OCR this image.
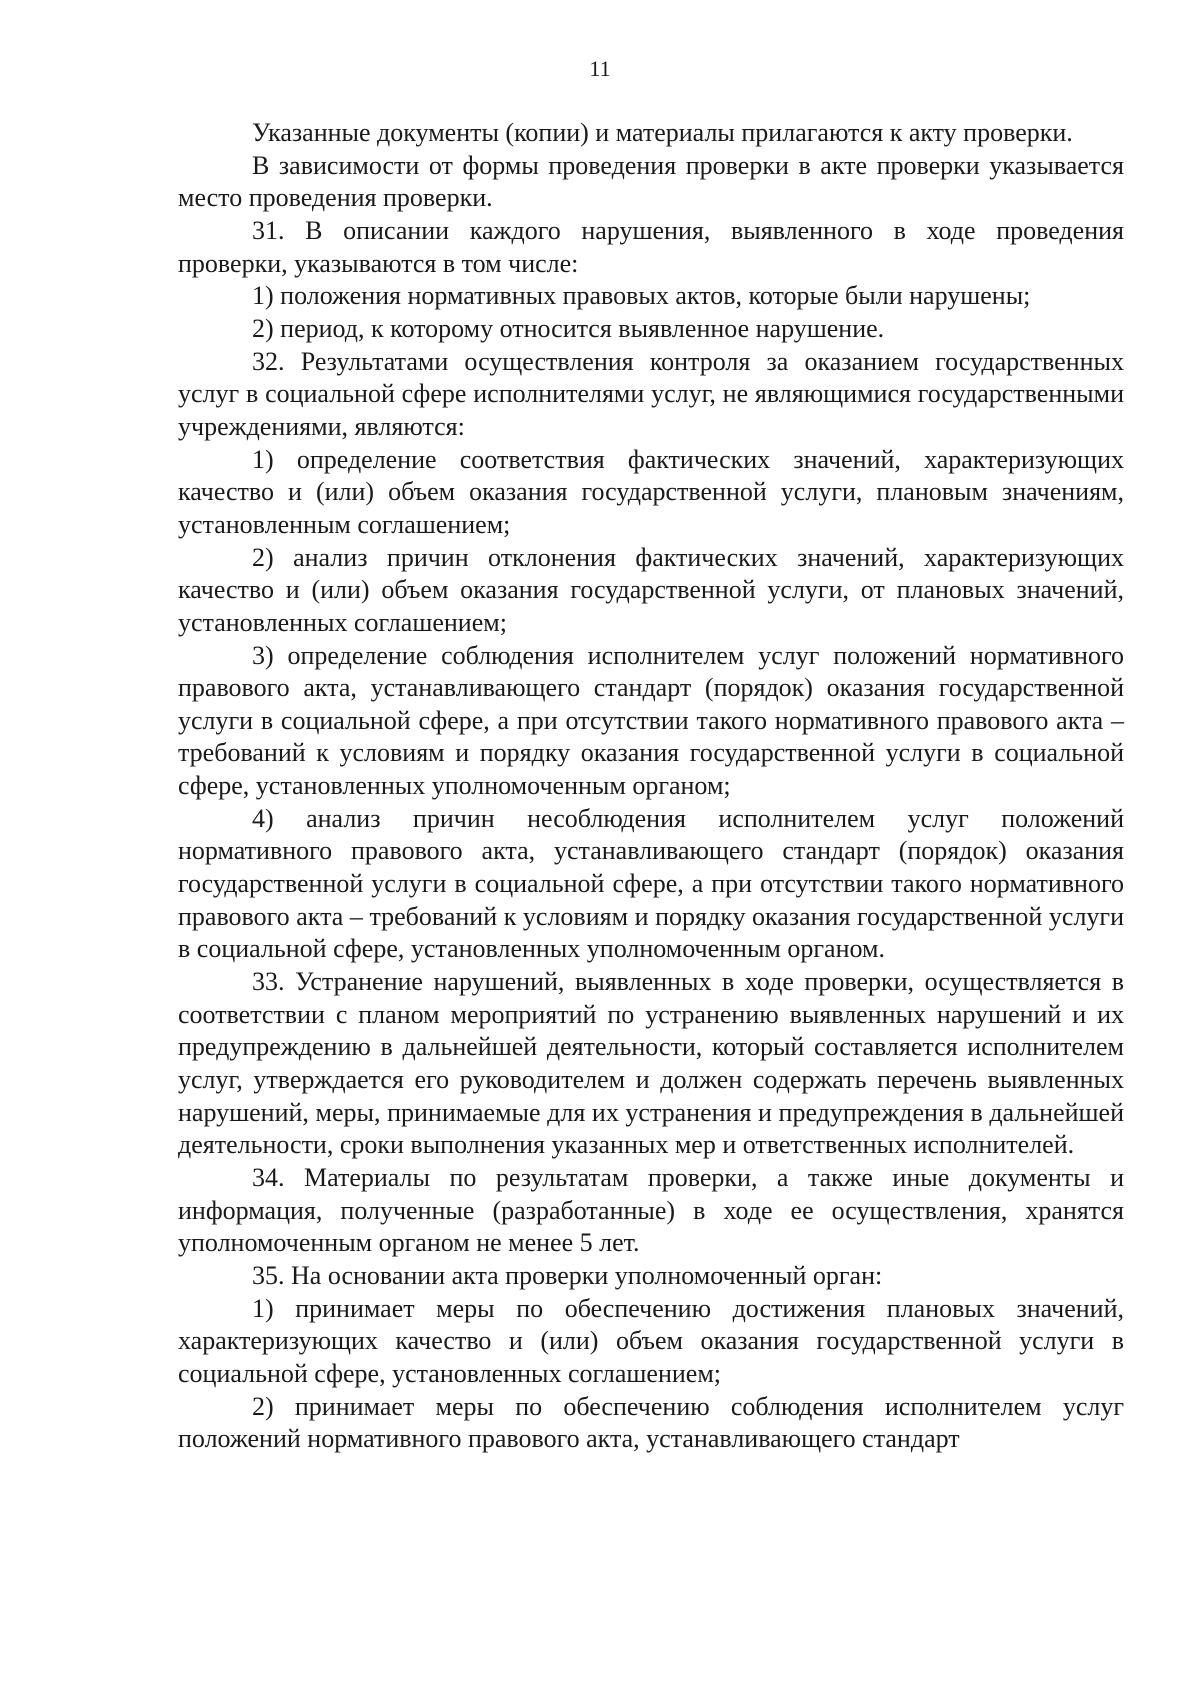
11

Указанные документы (копии) и материалы прилагаются к акту проверки.

В зависимости от формы проведения проверки в акте проверки указывается место проведения проверки.

31. В описании каждого нарушения, выявленного в ходе проведения проверки, указываются в том числе:

1) положения нормативных правовых актов, которые были нарушены;

2) период, к которому относится выявленное нарушение.

32. Результатами осуществления контроля за оказанием государственных услуг в социальной сфере исполнителями услуг, не являющимися государственными учреждениями, являются:

1) определение соответствия фактических значений, характеризующих качество и (или) объем оказания государственной услуги, плановым значениям, установленным соглашением;

2) анализ причин отклонения фактических значений, характеризующих качество и (или) объем оказания государственной услуги, от плановых значений, установленных соглашением;

3) определение соблюдения исполнителем услуг положений нормативного правового акта, устанавливающего стандарт (порядок) оказания государственной услуги в социальной сфере, а при отсутствии такого нормативного правового акта – требований к условиям и порядку оказания государственной услуги в социальной сфере, установленных уполномоченным органом;

4) анализ причин несоблюдения исполнителем услуг положений нормативного правового акта, устанавливающего стандарт (порядок) оказания государственной услуги в социальной сфере, а при отсутствии такого нормативного правового акта – требований к условиям и порядку оказания государственной услуги в социальной сфере, установленных уполномоченным органом.

33. Устранение нарушений, выявленных в ходе проверки, осуществляется в соответствии с планом мероприятий по устранению выявленных нарушений и их предупреждению в дальнейшей деятельности, который составляется исполнителем услуг, утверждается его руководителем и должен содержать перечень выявленных нарушений, меры, принимаемые для их устранения и предупреждения в дальнейшей деятельности, сроки выполнения указанных мер и ответственных исполнителей.

34. Материалы по результатам проверки, а также иные документы и информация, полученные (разработанные) в ходе ее осуществления, хранятся уполномоченным органом не менее 5 лет.

35. На основании акта проверки уполномоченный орган:

1) принимает меры по обеспечению достижения плановых значений, характеризующих качество и (или) объем оказания государственной услуги в социальной сфере, установленных соглашением;

2) принимает меры по обеспечению соблюдения исполнителем услуг положений нормативного правового акта, устанавливающего стандарт
